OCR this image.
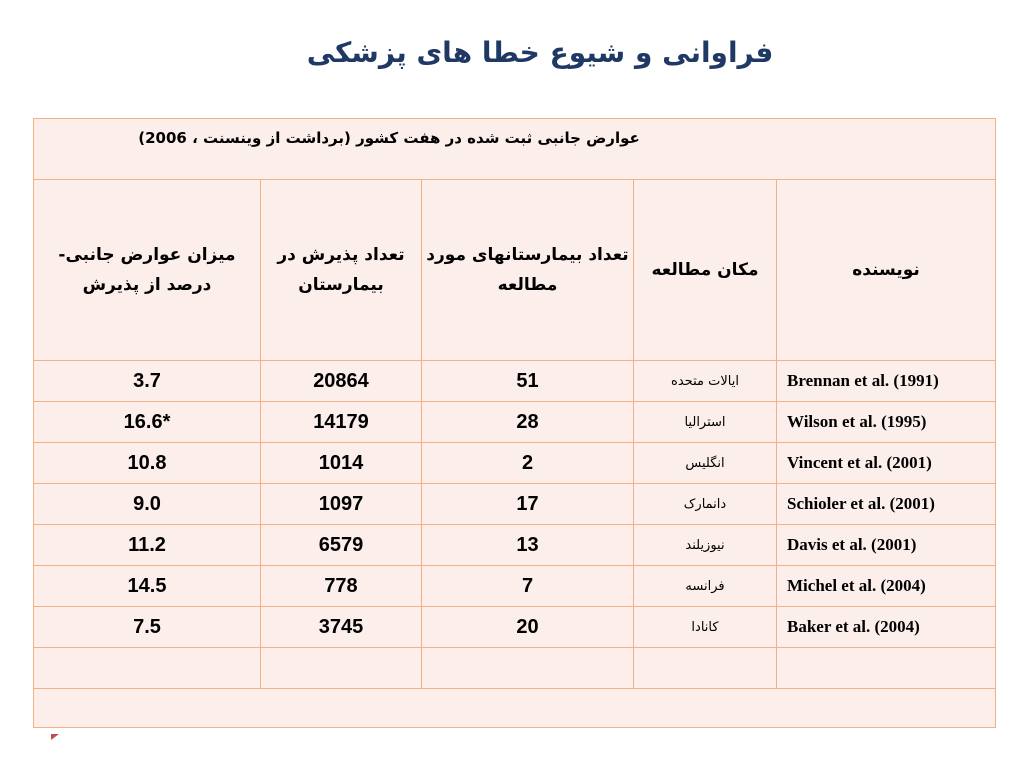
فراوانی و شیوع خطا های پزشکی
عوارض جانبی ثبت شده در هفت کشور (برداشت از وینسنت ، 2006)				

میزان عوارض جانبی- درصد از پذیرش	تعداد پذیرش در بیمارستان	تعداد بیمارستانهای مورد مطالعه	مکان مطالعه	نویسنده
3.7	20864	51	ایالات متحده	Brennan et al. (1991)
16.6*	14179	28	استرالیا	Wilson et al. (1995)
10.8	1014	2	انگلیس	Vincent et al. (2001)
9.0	1097	17	دانمارک	Schioler et al. (2001)
11.2	6579	13	نیوزیلند	Davis et al. (2001)
14.5	778	7	فرانسه	Michel et al. (2004)
7.5	3745	20	کانادا	Baker et al. (2004)
